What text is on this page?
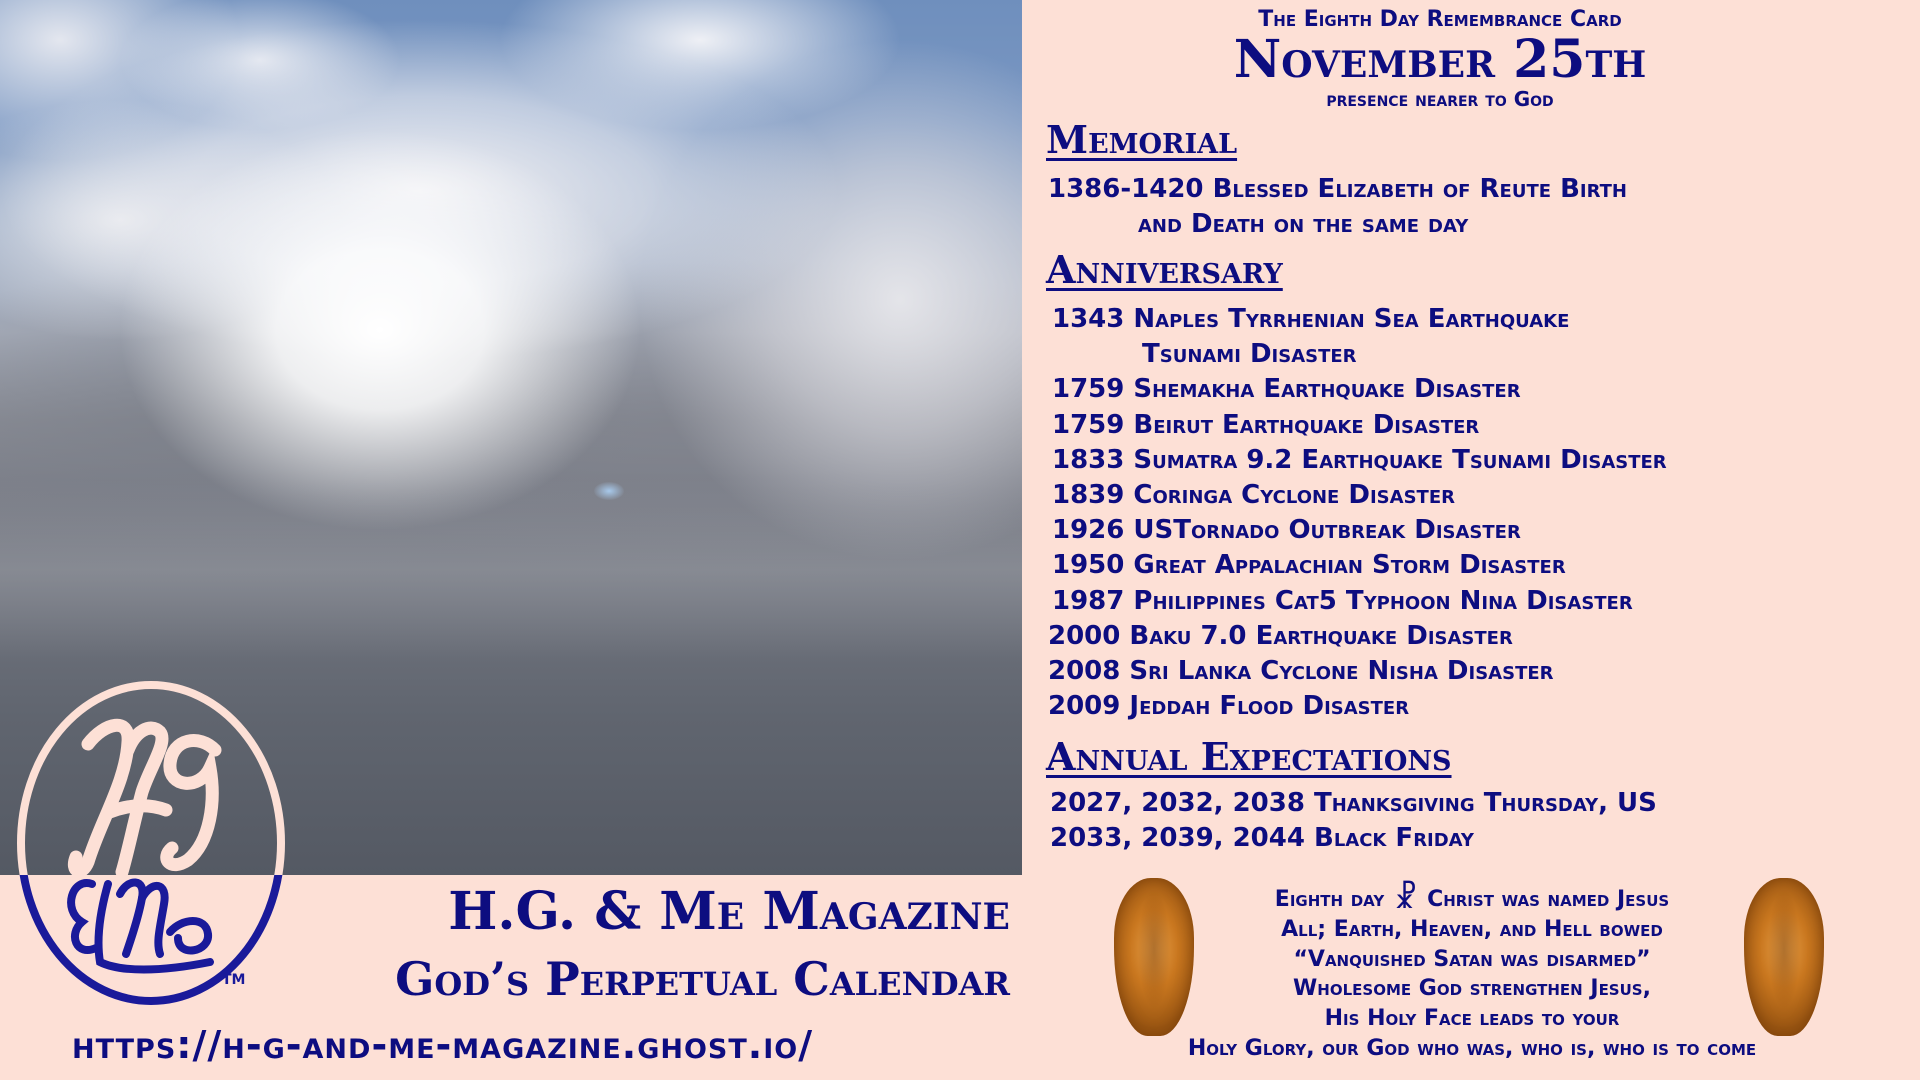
TM
H.G. & Me Magazine
God’s Perpetual Calendar
https://h-g-and-me-magazine.ghost.io/
The Eighth Day Remembrance Card
November 25th
presence nearer to God
Memorial
1386-1420 Blessed Elizabeth of Reute Birth
and Death on the same day
Anniversary
1343 Naples Tyrrhenian Sea Earthquake
Tsunami Disaster
1759 Shemakha Earthquake Disaster
1759 Beirut Earthquake Disaster
1833 Sumatra 9.2 Earthquake Tsunami Disaster
1839 Coringa Cyclone Disaster
1926 USTornado Outbreak Disaster
1950 Great Appalachian Storm Disaster
1987 Philippines Cat5 Typhoon Nina Disaster
2000 Baku 7.0 Earthquake Disaster
2008 Sri Lanka Cyclone Nisha Disaster
2009 Jeddah Flood Disaster
Annual Expectations
2027, 2032, 2038 Thanksgiving Thursday, US
2033, 2039, 2044 Black Friday
Eighth day ☧ Christ was named Jesus
All; Earth, Heaven, and Hell bowed
“Vanquished Satan was disarmed”
Wholesome God strengthen Jesus,
His Holy Face leads to your
Holy Glory, our God who was, who is, who is to come
